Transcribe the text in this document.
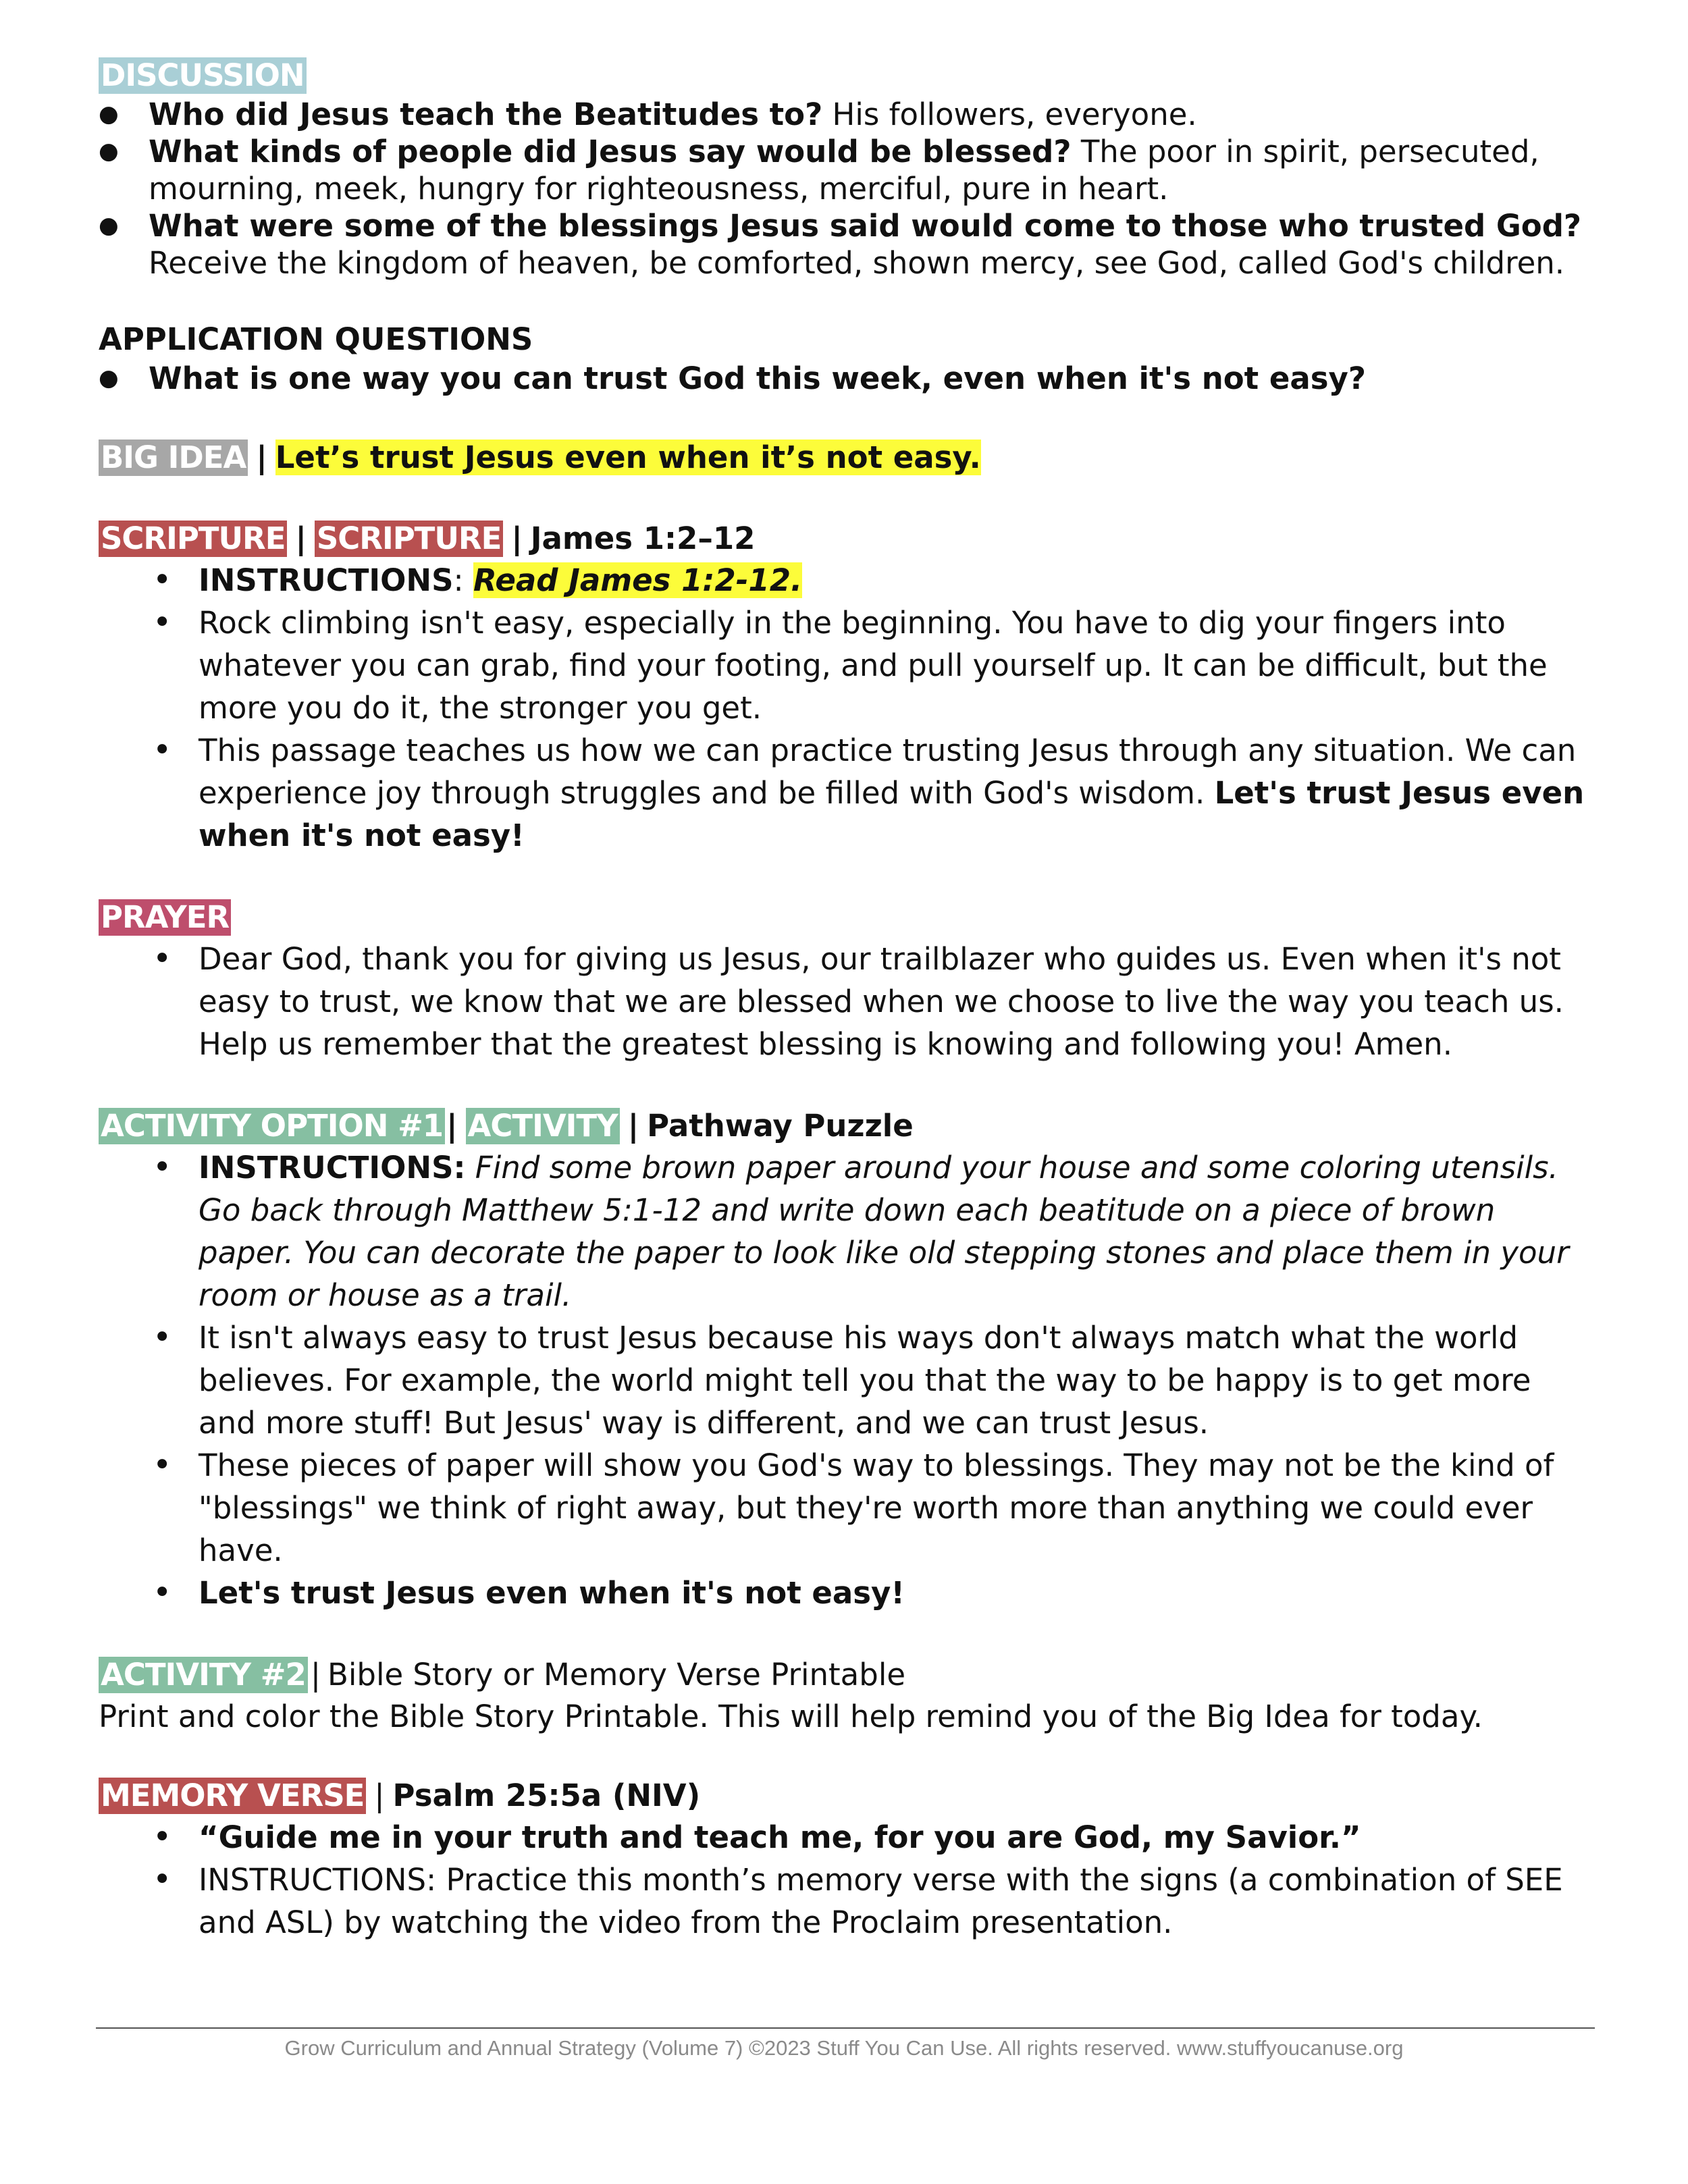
DISCUSSION
● Who did Jesus teach the Beatitudes to? His followers, everyone.
● What kinds of people did Jesus say would be blessed? The poor in spirit, persecuted, mourning, meek, hungry for righteousness, merciful, pure in heart.
● What were some of the blessings Jesus said would come to those who trusted God? Receive the kingdom of heaven, be comforted, shown mercy, see God, called God's children.
APPLICATION QUESTIONS
● What is one way you can trust God this week, even when it's not easy?
BIG IDEA | Let’s trust Jesus even when it’s not easy.
SCRIPTURE | SCRIPTURE | James 1:2–12
• INSTRUCTIONS: Read James 1:2-12.
• Rock climbing isn't easy, especially in the beginning. You have to dig your fingers into whatever you can grab, find your footing, and pull yourself up. It can be difficult, but the more you do it, the stronger you get.
• This passage teaches us how we can practice trusting Jesus through any situation. We can experience joy through struggles and be filled with God's wisdom. Let's trust Jesus even when it's not easy!
PRAYER
• Dear God, thank you for giving us Jesus, our trailblazer who guides us. Even when it's not easy to trust, we know that we are blessed when we choose to live the way you teach us. Help us remember that the greatest blessing is knowing and following you! Amen.
ACTIVITY OPTION #1 | ACTIVITY | Pathway Puzzle
• INSTRUCTIONS: Find some brown paper around your house and some coloring utensils. Go back through Matthew 5:1-12 and write down each beatitude on a piece of brown paper. You can decorate the paper to look like old stepping stones and place them in your room or house as a trail.
• It isn't always easy to trust Jesus because his ways don't always match what the world believes. For example, the world might tell you that the way to be happy is to get more and more stuff! But Jesus' way is different, and we can trust Jesus.
• These pieces of paper will show you God's way to blessings. They may not be the kind of "blessings" we think of right away, but they're worth more than anything we could ever have.
• Let's trust Jesus even when it's not easy!
ACTIVITY #2 | Bible Story or Memory Verse Printable
Print and color the Bible Story Printable. This will help remind you of the Big Idea for today.
MEMORY VERSE | Psalm 25:5a (NIV)
• “Guide me in your truth and teach me, for you are God, my Savior.”
• INSTRUCTIONS: Practice this month’s memory verse with the signs (a combination of SEE and ASL) by watching the video from the Proclaim presentation.
Grow Curriculum and Annual Strategy (Volume 7) ©2023 Stuff You Can Use. All rights reserved. www.stuffyoucanuse.org
